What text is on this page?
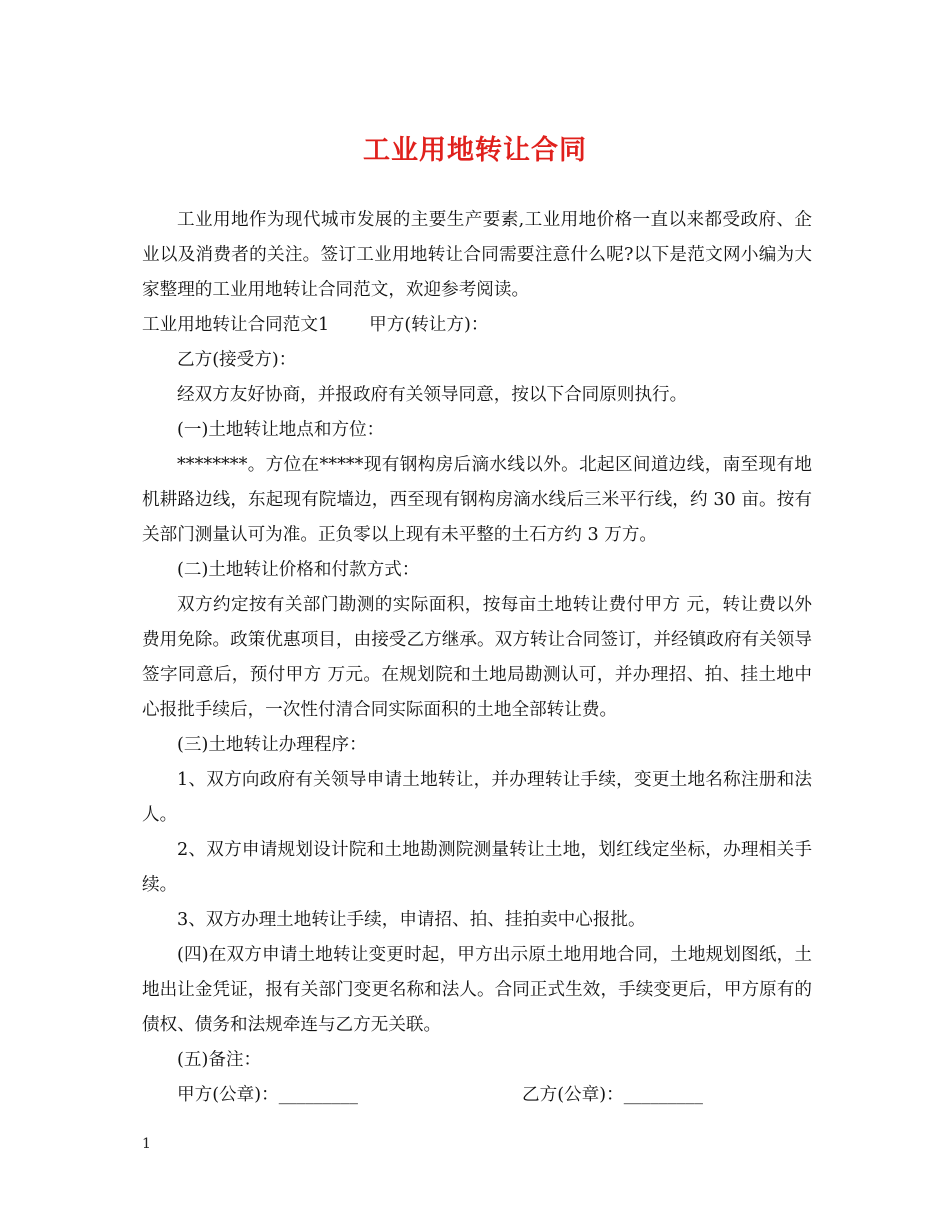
工业用地转让合同

工业用地作为现代城市发展的主要生产要素,工业用地价格一直以来都受政府、企业以及消费者的关注。签订工业用地转让合同需要注意什么呢?以下是范文网小编为大家整理的工业用地转让合同范文，欢迎参考阅读。

工业用地转让合同范文1 甲方(转让方)：

乙方(接受方)：

经双方友好协商，并报政府有关领导同意，按以下合同原则执行。

(一)土地转让地点和方位：

********。方位在*****现有钢构房后滴水线以外。北起区间道边线，南至现有地机耕路边线，东起现有院墙边，西至现有钢构房滴水线后三米平行线，约 30 亩。按有关部门测量认可为准。正负零以上现有未平整的土石方约 3 万方。

(二)土地转让价格和付款方式：

双方约定按有关部门勘测的实际面积，按每亩土地转让费付甲方 元，转让费以外费用免除。政策优惠项目，由接受乙方继承。双方转让合同签订，并经镇政府有关领导签字同意后，预付甲方 万元。在规划院和土地局勘测认可，并办理招、拍、挂土地中心报批手续后，一次性付清合同实际面积的土地全部转让费。

(三)土地转让办理程序：

1、双方向政府有关领导申请土地转让，并办理转让手续，变更土地名称注册和法人。

2、双方申请规划设计院和土地勘测院测量转让土地，划红线定坐标，办理相关手续。

3、双方办理土地转让手续，申请招、拍、挂拍卖中心报批。

(四)在双方申请土地转让变更时起，甲方出示原土地用地合同，土地规划图纸，土地出让金凭证，报有关部门变更名称和法人。合同正式生效，手续变更后，甲方原有的债权、债务和法规牵连与乙方无关联。

(五)备注：

甲方(公章)：_________	乙方(公章)：_________
1
